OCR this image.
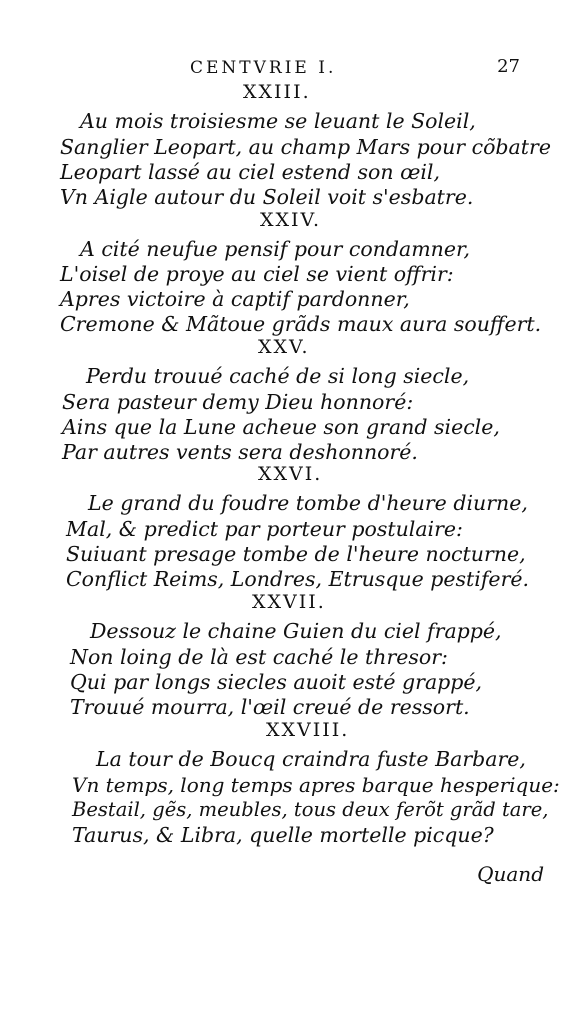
CENTVRIE I.	27
XXIII.
Au mois troisiesme se leuant le Soleil,
Sanglier Leopart, au champ Mars pour cõbatre
Leopart lassé au ciel estend son œil,
Vn Aigle autour du Soleil voit s'esbatre.
XXIV.
A cité neufue pensif pour condamner,
L'oisel de proye au ciel se vient offrir:
Apres victoire à captif pardonner,
Cremone & Mãtoue grãds maux aura souffert.
XXV.
Perdu trouué caché de si long siecle,
Sera pasteur demy Dieu honnoré:
Ains que la Lune acheue son grand siecle,
Par autres vents sera deshonnoré.
XXVI.
Le grand du foudre tombe d'heure diurne,
Mal, & predict par porteur postulaire:
Suiuant presage tombe de l'heure nocturne,
Conflict Reims, Londres, Etrusque pestiferé.
XXVII.
Dessouz le chaine Guien du ciel frappé,
Non loing de là est caché le thresor:
Qui par longs siecles auoit esté grappé,
Trouué mourra, l'œil creué de ressort.
XXVIII.
La tour de Boucq craindra fuste Barbare,
Vn temps, long temps apres barque hesperique:
Bestail, gẽs, meubles, tous deux ferõt grãd tare,
Taurus, & Libra, quelle mortelle picque?
Quand
